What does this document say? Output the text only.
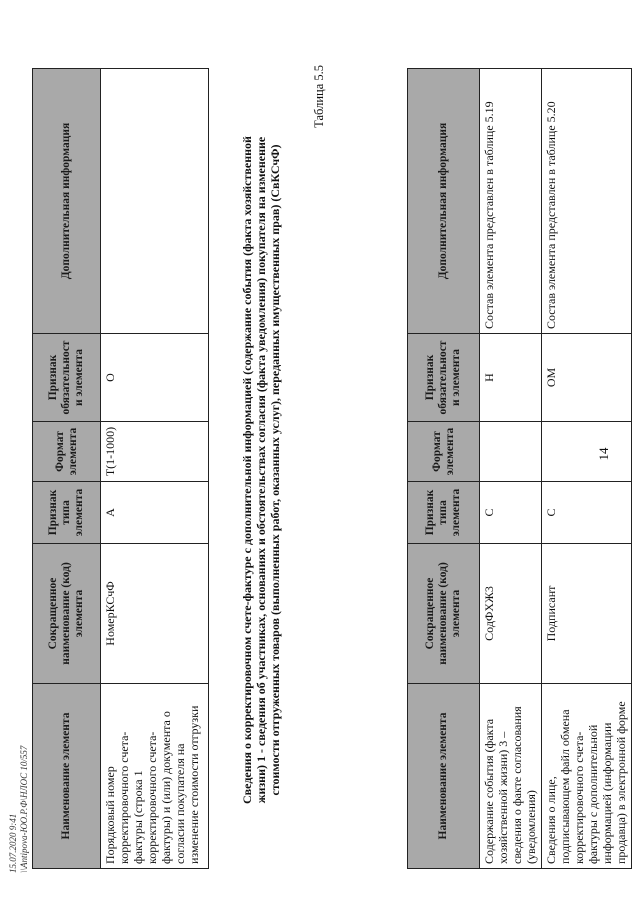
14
Наименование элемента	Сокращенное наименование (код) элемента	Признак типа элемента	Формат элемента	Признак обязательности элемента	Дополнительная информация
Содержание события (факта хозяйственной жизни) 3 – сведения о факте согласования (уведомления)	СодФХЖ3	С		Н	Состав элемента представлен в таблице 5.19
Сведения о лице, подписывающем файл обмена корректировочного счета-фактуры с дополнительной информацией (информации продавца) в электронной форме	Подписант	С		ОМ	Состав элемента представлен в таблице 5.20
Таблица 5.5
Сведения о корректировочном счете-фактуре с дополнительной информацией (содержание события (факта хозяйственной жизни) 1 - сведения об участниках, основаниях и обстоятельствах согласия (факта уведомления) покупателя на изменение стоимости отгруженных товаров (выполненных работ, оказанных услуг), переданных имущественных прав) (СвКСчФ)
Наименование элемента	Сокращенное наименование (код) элемента	Признак типа элемента	Формат элемента	Признак обязательности элемента	Дополнительная информация
Порядковый номер корректировочного счета-фактуры (строка 1 корректировочного счета-фактуры) и (или) документа о согласии покупателя на изменение стоимости отгрузки	НомерКСчФ	А	T(1-1000)	О	
15.07.2020 9:41 \\Antipova-ЮО.Р.Ф\НЛОС 10/557
